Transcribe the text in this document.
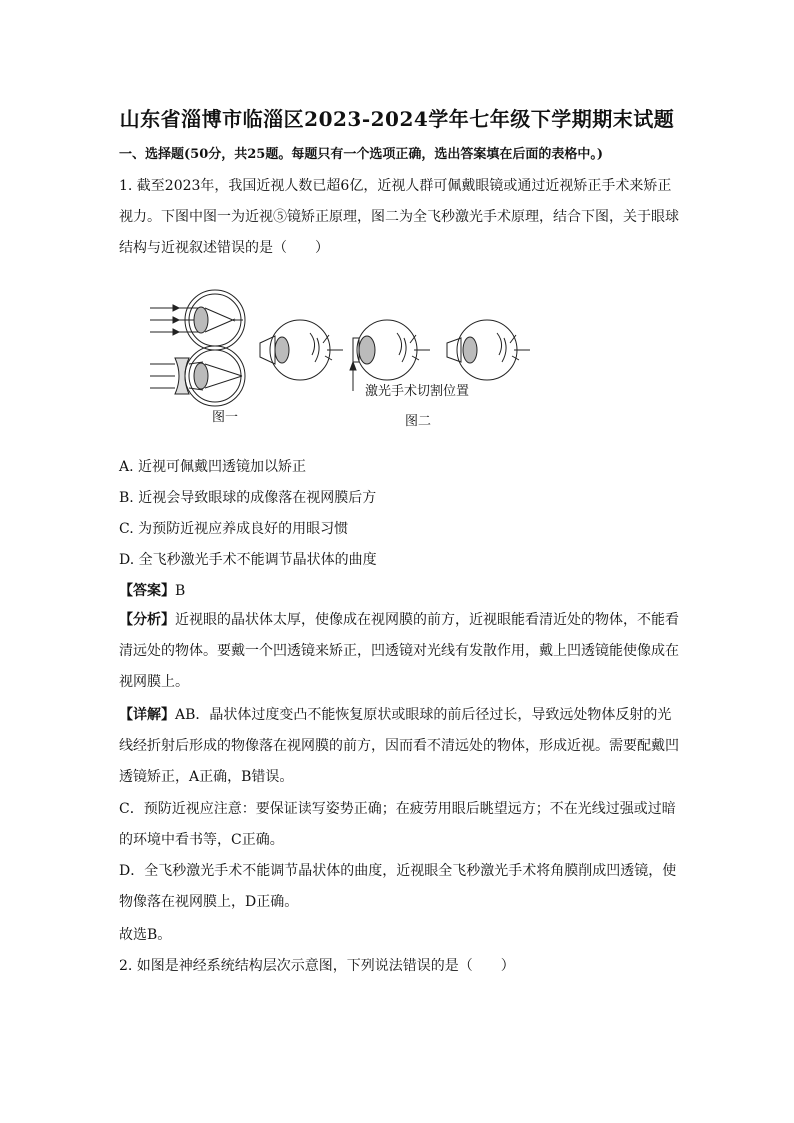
山东省淄博市临淄区2023-2024学年七年级下学期期末试题
一、选择题(50分，共25题。每题只有一个选项正确，选出答案填在后面的表格中。)
1. 截至2023年，我国近视人数已超6亿，近视人群可佩戴眼镜或通过近视矫正手术来矫正视力。下图中图一为近视⑤镜矫正原理，图二为全飞秒激光手术原理，结合下图，关于眼球结构与近视叙述错误的是（　　）
激光手术切割位置
图一	图二
A. 近视可佩戴凹透镜加以矫正
B. 近视会导致眼球的成像落在视网膜后方
C. 为预防近视应养成良好的用眼习惯
D. 全飞秒激光手术不能调节晶状体的曲度
【答案】B
【分析】近视眼的晶状体太厚，使像成在视网膜的前方，近视眼能看清近处的物体，不能看清远处的物体。要戴一个凹透镜来矫正，凹透镜对光线有发散作用，戴上凹透镜能使像成在视网膜上。
【详解】AB．晶状体过度变凸不能恢复原状或眼球的前后径过长，导致远处物体反射的光线经折射后形成的物像落在视网膜的前方，因而看不清远处的物体，形成近视。需要配戴凹透镜矫正，A正确，B错误。
C．预防近视应注意：要保证读写姿势正确；在疲劳用眼后眺望远方；不在光线过强或过暗的环境中看书等，C正确。
D．全飞秒激光手术不能调节晶状体的曲度，近视眼全飞秒激光手术将角膜削成凹透镜，使物像落在视网膜上，D正确。
故选B。
2. 如图是神经系统结构层次示意图，下列说法错误的是（　　）
